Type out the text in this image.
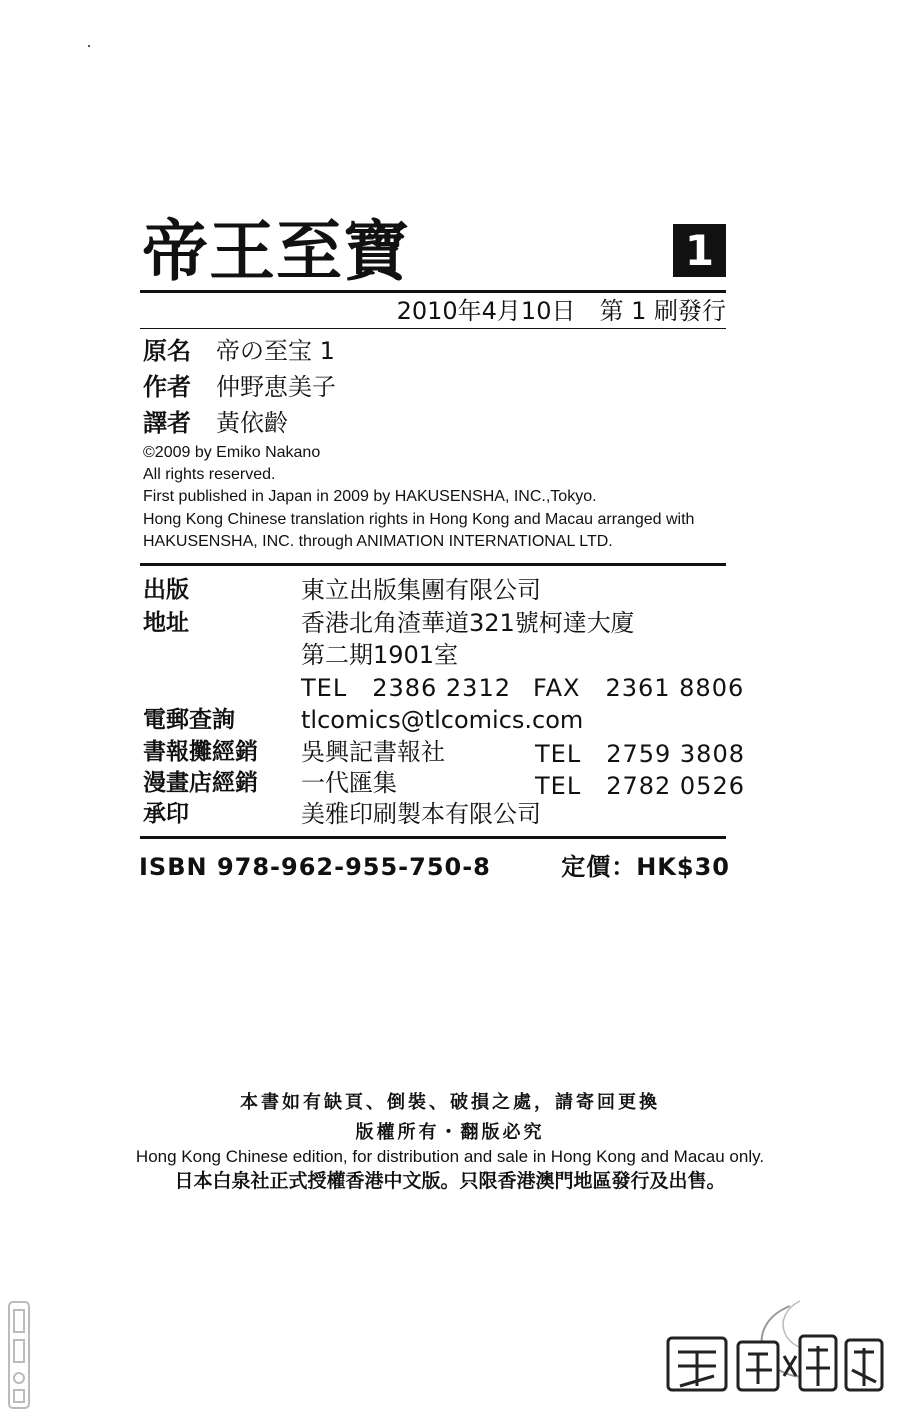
帝王至寶	1
2010年4月10日　第 1 刷發行
原名 帝の至宝 1
作者 仲野恵美子
譯者 黃依齡
©2009 by Emiko Nakano
All rights reserved.
First published in Japan in 2009 by HAKUSENSHA, INC.,Tokyo.
Hong Kong Chinese translation rights in Hong Kong and Macau arranged with
HAKUSENSHA, INC. through ANIMATION INTERNATIONAL LTD.
出版	東立出版集團有限公司
地址	香港北角渣華道321號柯達大廈
第二期1901室
TEL　2386 2312 FAX　2361 8806
電郵查詢	tlcomics@tlcomics.com
書報攤經銷 吳興記書報社	TEL　2759 3808
漫畫店經銷 一代匯集	TEL　2782 0526
承印	美雅印刷製本有限公司
ISBN 978-962-955-750-8	定價：HK$30
本書如有缺頁、倒裝、破損之處，請寄回更換
版權所有・翻版必究
Hong Kong Chinese edition, for distribution and sale in Hong Kong and Macau only.
日本白泉社正式授權香港中文版。只限香港澳門地區發行及出售。
